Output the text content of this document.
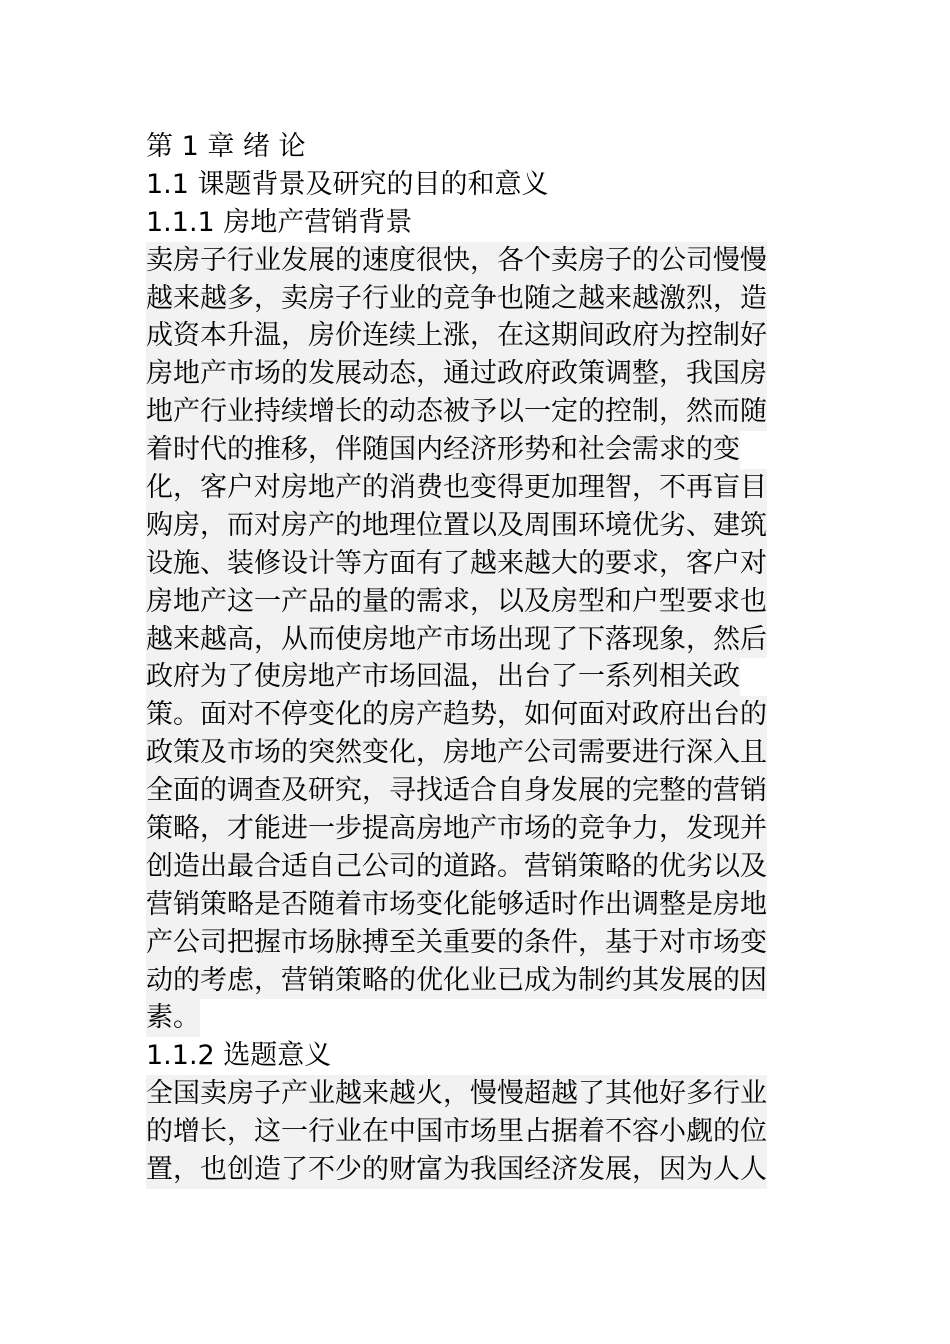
第 1 章 绪 论
1.1 课题背景及研究的目的和意义
1.1.1 房地产营销背景
卖房子行业发展的速度很快，各个卖房子的公司慢慢
越来越多，卖房子行业的竞争也随之越来越激烈，造
成资本升温，房价连续上涨，在这期间政府为控制好
房地产市场的发展动态，通过政府政策调整，我国房
地产行业持续增长的动态被予以一定的控制，然而随
着时代的推移，伴随国内经济形势和社会需求的变
化，客户对房地产的消费也变得更加理智，不再盲目
购房，而对房产的地理位置以及周围环境优劣、建筑
设施、装修设计等方面有了越来越大的要求，客户对
房地产这一产品的量的需求，以及房型和户型要求也
越来越高，从而使房地产市场出现了下落现象，然后
政府为了使房地产市场回温，出台了一系列相关政
策。面对不停变化的房产趋势，如何面对政府出台的
政策及市场的突然变化，房地产公司需要进行深入且
全面的调查及研究，寻找适合自身发展的完整的营销
策略，才能进一步提高房地产市场的竞争力，发现并
创造出最合适自己公司的道路。营销策略的优劣以及
营销策略是否随着市场变化能够适时作出调整是房地
产公司把握市场脉搏至关重要的条件，基于对市场变
动的考虑，营销策略的优化业已成为制约其发展的因
素。
1.1.2 选题意义
全国卖房子产业越来越火，慢慢超越了其他好多行业
的增长，这一行业在中国市场里占据着不容小觑的位
置，也创造了不少的财富为我国经济发展，因为人人
